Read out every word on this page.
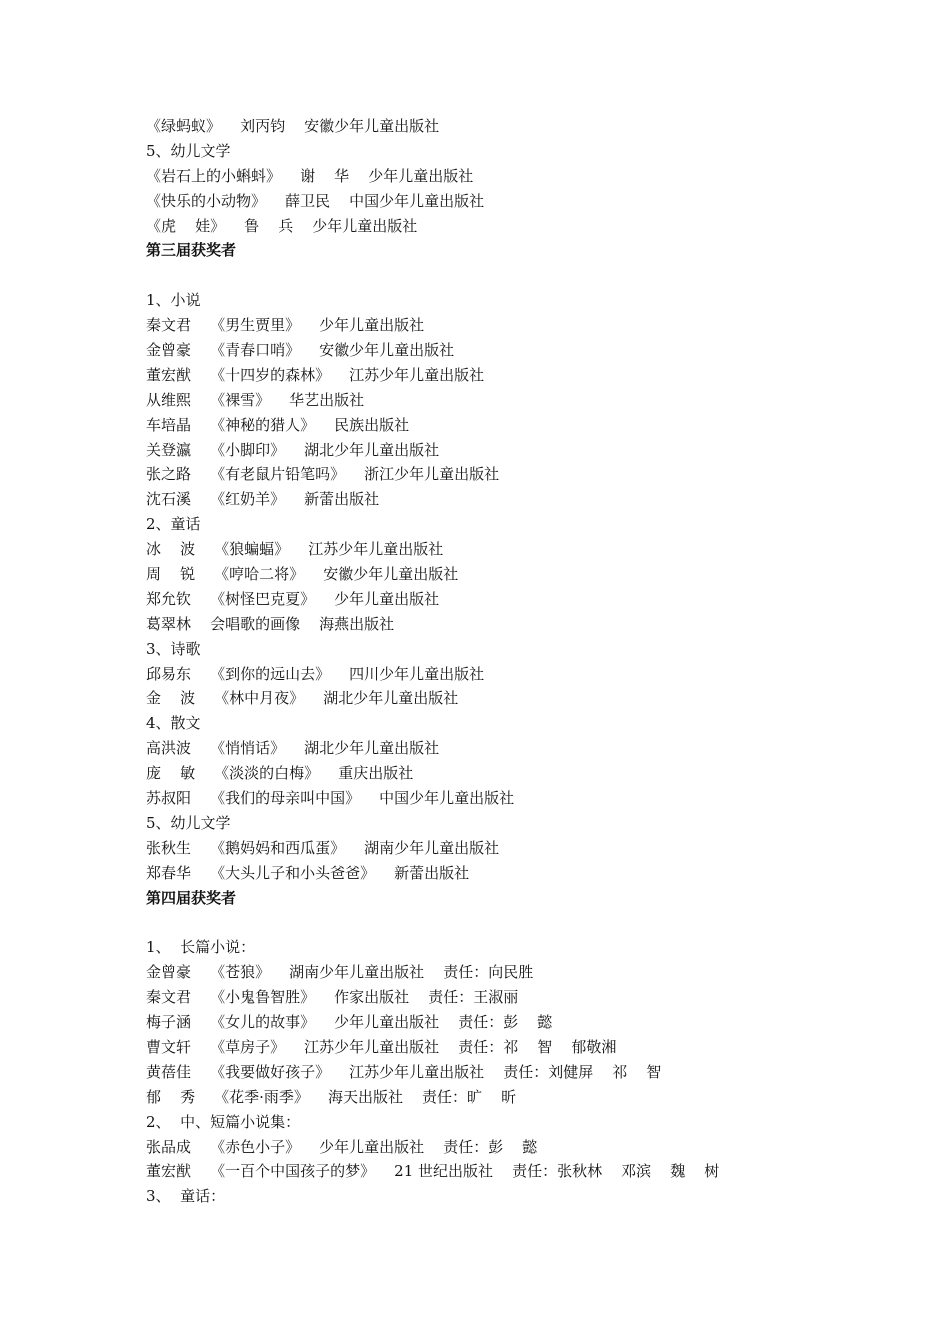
《绿蚂蚁》    刘丙钧    安徽少年儿童出版社
5、幼儿文学
《岩石上的小蝌蚪》    谢    华    少年儿童出版社
《快乐的小动物》    薛卫民    中国少年儿童出版社
《虎    娃》    鲁    兵    少年儿童出版社
第三届获奖者
1、小说
秦文君    《男生贾里》    少年儿童出版社
金曾豪    《青春口哨》    安徽少年儿童出版社
董宏猷    《十四岁的森林》    江苏少年儿童出版社
从维熙    《裸雪》    华艺出版社
车培晶    《神秘的猎人》    民族出版社
关登瀛    《小脚印》    湖北少年儿童出版社
张之路    《有老鼠片铅笔吗》    浙江少年儿童出版社
沈石溪    《红奶羊》    新蕾出版社
2、童话
冰    波    《狼蝙蝠》    江苏少年儿童出版社
周    锐    《哼哈二将》    安徽少年儿童出版社
郑允钦    《树怪巴克夏》    少年儿童出版社
葛翠林    会唱歌的画像    海燕出版社
3、诗歌
邱易东    《到你的远山去》    四川少年儿童出版社
金    波    《林中月夜》    湖北少年儿童出版社
4、散文
高洪波    《悄悄话》    湖北少年儿童出版社
庞    敏    《淡淡的白梅》    重庆出版社
苏叔阳    《我们的母亲叫中国》    中国少年儿童出版社
5、幼儿文学
张秋生    《鹅妈妈和西瓜蛋》    湖南少年儿童出版社
郑春华    《大头儿子和小头爸爸》    新蕾出版社
第四届获奖者
1、  长篇小说：
金曾豪    《苍狼》    湖南少年儿童出版社    责任：向民胜
秦文君    《小鬼鲁智胜》    作家出版社    责任：王淑丽
梅子涵    《女儿的故事》    少年儿童出版社    责任：彭    懿
曹文轩    《草房子》    江苏少年儿童出版社    责任：祁    智    郁敬湘
黄蓓佳    《我要做好孩子》    江苏少年儿童出版社    责任：刘健屏    祁    智
郁    秀    《花季·雨季》    海天出版社    责任：旷    昕
2、  中、短篇小说集：
张品成    《赤色小子》    少年儿童出版社    责任：彭    懿
董宏猷    《一百个中国孩子的梦》    21 世纪出版社    责任：张秋林    邓滨    魏    树
3、  童话：
